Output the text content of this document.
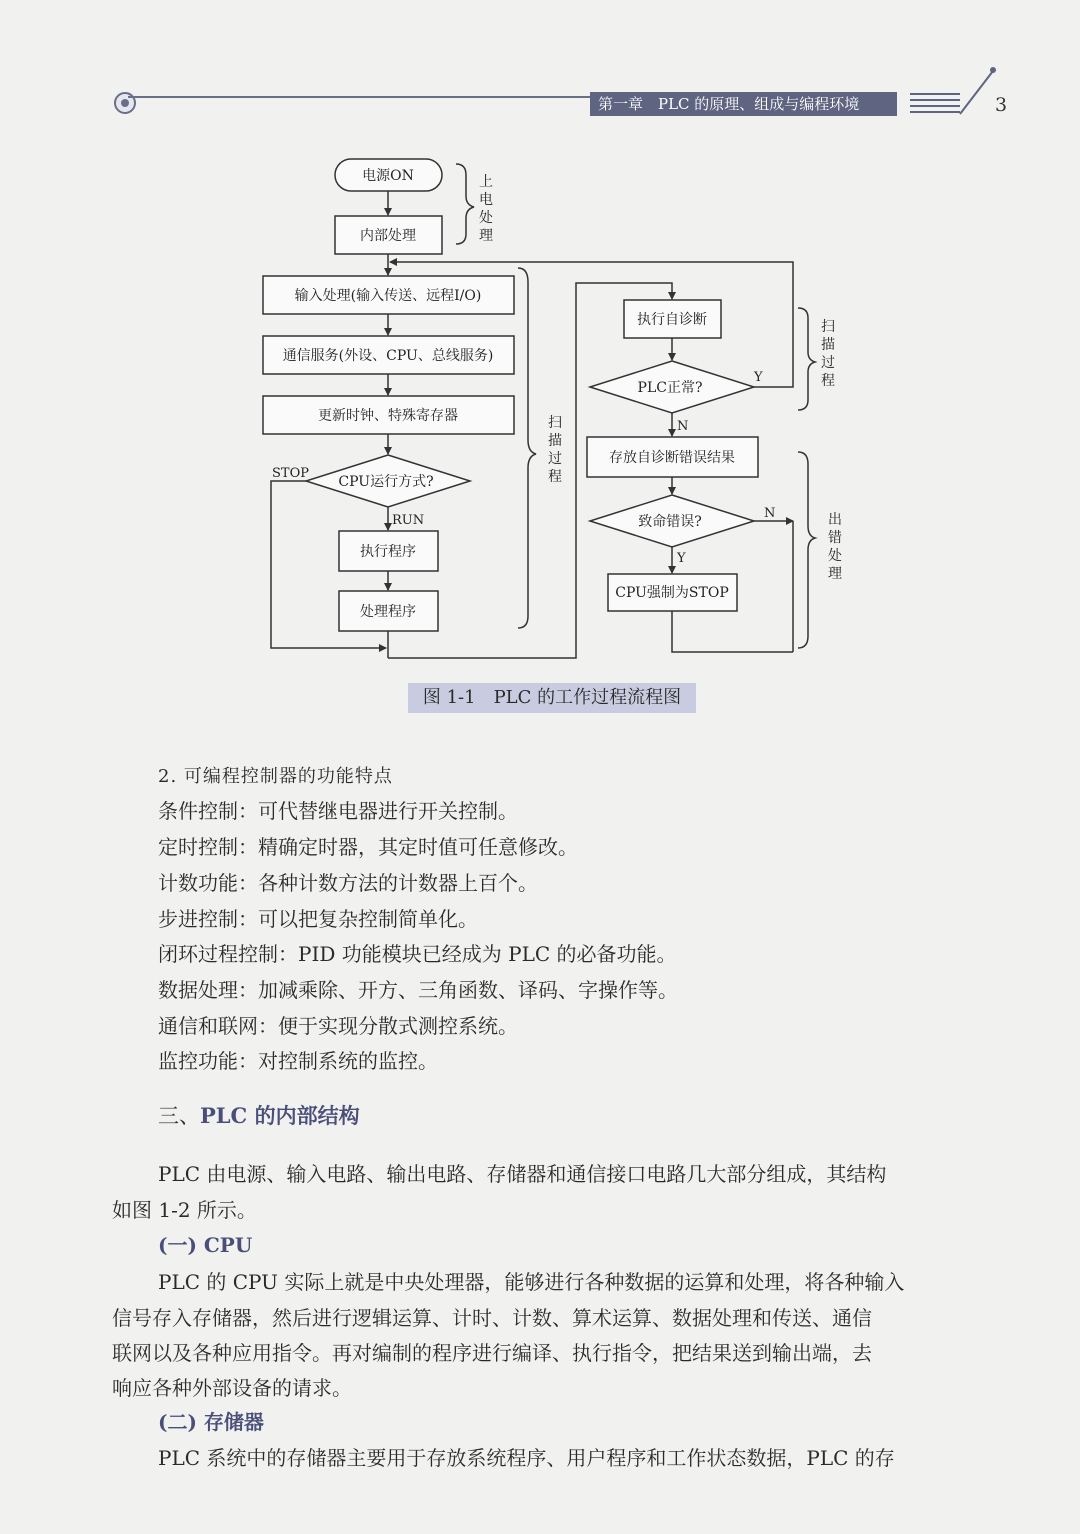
第一章　PLC 的原理、组成与编程环境	3
电源ON
内部处理
输入处理(输入传送、远程I/O)
通信服务(外设、CPU、总线服务)
更新时钟、特殊寄存器
CPU运行方式?
执行程序
处理程序
执行自诊断
PLC正常?
存放自诊断错误结果
致命错误?
CPU强制为STOP
STOP
RUN
Y
N
N
Y
上
电
处
理
扫
描
过
程
扫
描
过
程
出
错
处
理
图 1-1　PLC 的工作过程流程图
2. 可编程控制器的功能特点
条件控制：可代替继电器进行开关控制。
定时控制：精确定时器，其定时值可任意修改。
计数功能：各种计数方法的计数器上百个。
步进控制：可以把复杂控制简单化。
闭环过程控制：PID 功能模块已经成为 PLC 的必备功能。
数据处理：加减乘除、开方、三角函数、译码、字操作等。
通信和联网：便于实现分散式测控系统。
监控功能：对控制系统的监控。
三、PLC 的内部结构
PLC 由电源、输入电路、输出电路、存储器和通信接口电路几大部分组成，其结构
如图 1-2 所示。
(一) CPU
PLC 的 CPU 实际上就是中央处理器，能够进行各种数据的运算和处理，将各种输入
信号存入存储器，然后进行逻辑运算、计时、计数、算术运算、数据处理和传送、通信
联网以及各种应用指令。再对编制的程序进行编译、执行指令，把结果送到输出端，去
响应各种外部设备的请求。
(二) 存储器
PLC 系统中的存储器主要用于存放系统程序、用户程序和工作状态数据，PLC 的存
